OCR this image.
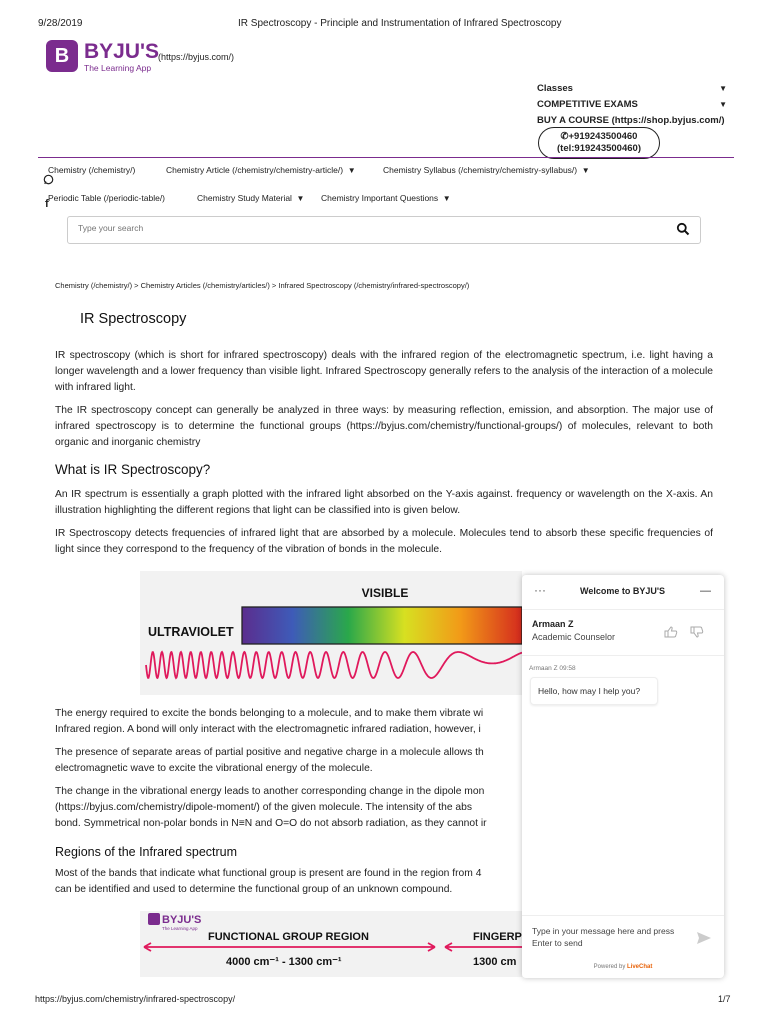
9/28/2019	IR Spectroscopy - Principle and Instrumentation of Infrared Spectroscopy
B BYJU'S
The Learning App
(https://byjus.com/)
Classes	▼
COMPETITIVE EXAMS	▼
BUY A COURSE (https://shop.byjus.com/)
✆+919243500460
(tel:919243500460)
Chemistry (/chemistry/)	Chemistry Article (/chemistry/chemistry-article/)  ▼	Chemistry Syllabus (/chemistry/chemistry-syllabus/)  ▼
Periodic Table (/periodic-table/)	Chemistry Study Material  ▼ Chemistry Important Questions  ▼
f
Type your search
Chemistry (/chemistry/) > Chemistry Articles (/chemistry/articles/) > Infrared Spectroscopy (/chemistry/infrared-spectroscopy/)
IR Spectroscopy

IR spectroscopy (which is short for infrared spectroscopy) deals with the infrared region of the electromagnetic spectrum, i.e. light having a longer wavelength and a lower frequency than visible light. Infrared Spectroscopy generally refers to the analysis of the interaction of a molecule with infrared light.

The IR spectroscopy concept can generally be analyzed in three ways: by measuring reflection, emission, and absorption. The major use of infrared spectroscopy is to determine the functional groups (https://byjus.com/chemistry/functional-groups/) of molecules, relevant to both organic and inorganic chemistry

What is IR Spectroscopy?

An IR spectrum is essentially a graph plotted with the infrared light absorbed on the Y-axis against. frequency or wavelength on the X-axis. An illustration highlighting the different regions that light can be classified into is given below.

IR Spectroscopy detects frequencies of infrared light that are absorbed by a molecule. Molecules tend to absorb these specific frequencies of light since they correspond to the frequency of the vibration of bonds in the molecule.

VISIBLE
ULTRAVIOLET
The energy required to excite the bonds belonging to a molecule, and to make them vibrate wi
Infrared region. A bond will only interact with the electromagnetic infrared radiation, however, i
The presence of separate areas of partial positive and negative charge in a molecule allows th
electromagnetic wave to excite the vibrational energy of the molecule.
The change in the vibrational energy leads to another corresponding change in the dipole mon
(https://byjus.com/chemistry/dipole-moment/) of the given molecule. The intensity of the abs
bond. Symmetrical non-polar bonds in N≡N and O=O do not absorb radiation, as they cannot ir
Regions of the Infrared spectrum
Most of the bands that indicate what functional group is present are found in the region from 4
can be identified and used to determine the functional group of an unknown compound.
BYJU'S
The Learning App
FUNCTIONAL GROUP REGION	FINGERP
4000 cm⁻¹ - 1300 cm⁻¹	1300 cm
···	Welcome to BYJU'S	—
Armaan Z
Academic Counselor
Armaan Z 09:58
Hello, how may I help you?
Type in your message here and press Enter to send
Powered by LiveChat
https://byjus.com/chemistry/infrared-spectroscopy/	1/7
